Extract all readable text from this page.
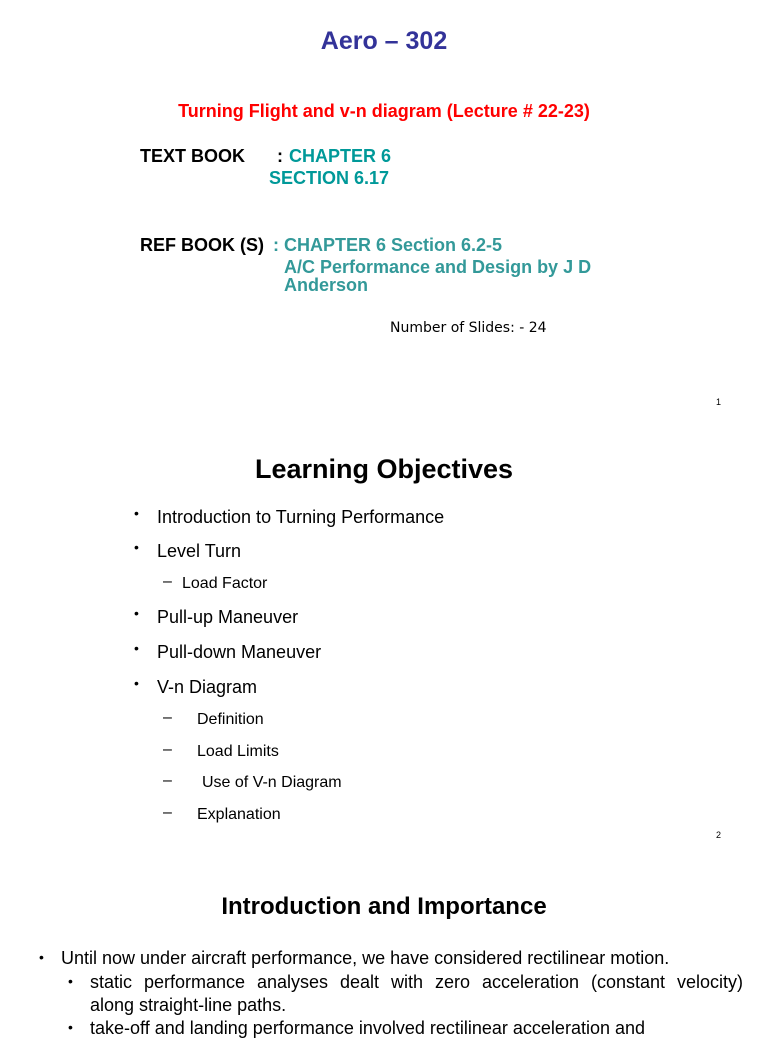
Aero – 302
Turning Flight and v-n diagram (Lecture # 22-23)
TEXT BOOK : CHAPTER 6
SECTION 6.17
REF BOOK (S) : CHAPTER 6 Section 6.2-5
A/C Performance and Design by J D
Anderson
Number of Slides: - 24
1
Learning Objectives
• Introduction to Turning Performance
• Level Turn
– Load Factor
• Pull-up Maneuver
• Pull-down Maneuver
• V-n Diagram
– Definition
– Load Limits
– Use of V-n Diagram
– Explanation
2
Introduction and Importance
• Until now under aircraft performance, we have considered rectilinear motion.
• static performance analyses dealt with zero acceleration (constant velocity)
along straight-line paths.
• take-off and landing performance involved rectilinear acceleration and
